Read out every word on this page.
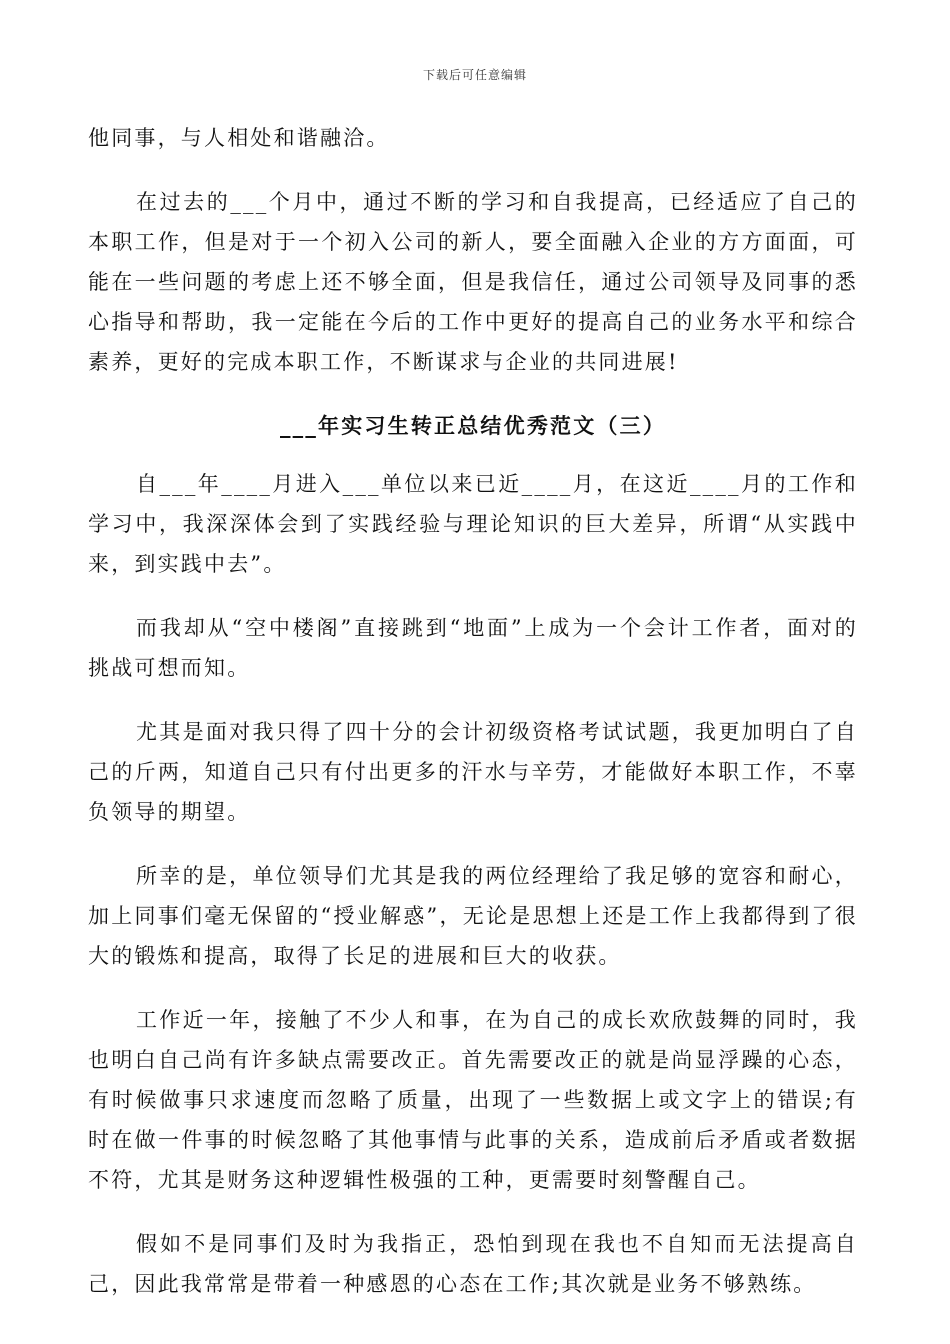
下载后可任意编辑

他同事，与人相处和谐融洽。

在过去的___个月中，通过不断的学习和自我提高，已经适应了自己的本职工作，但是对于一个初入公司的新人，要全面融入企业的方方面面，可能在一些问题的考虑上还不够全面，但是我信任，通过公司领导及同事的悉心指导和帮助，我一定能在今后的工作中更好的提高自己的业务水平和综合素养，更好的完成本职工作，不断谋求与企业的共同进展!

___年实习生转正总结优秀范文（三）

自___年____月进入___单位以来已近____月，在这近____月的工作和学习中，我深深体会到了实践经验与理论知识的巨大差异，所谓“从实践中来，到实践中去”。

而我却从“空中楼阁”直接跳到“地面”上成为一个会计工作者，面对的挑战可想而知。

尤其是面对我只得了四十分的会计初级资格考试试题，我更加明白了自己的斤两，知道自己只有付出更多的汗水与辛劳，才能做好本职工作，不辜负领导的期望。

所幸的是，单位领导们尤其是我的两位经理给了我足够的宽容和耐心，加上同事们毫无保留的“授业解惑”，无论是思想上还是工作上我都得到了很大的锻炼和提高，取得了长足的进展和巨大的收获。

工作近一年，接触了不少人和事，在为自己的成长欢欣鼓舞的同时，我也明白自己尚有许多缺点需要改正。首先需要改正的就是尚显浮躁的心态，有时候做事只求速度而忽略了质量，出现了一些数据上或文字上的错误;有时在做一件事的时候忽略了其他事情与此事的关系，造成前后矛盾或者数据不符，尤其是财务这种逻辑性极强的工种，更需要时刻警醒自己。

假如不是同事们及时为我指正，恐怕到现在我也不自知而无法提高自己，因此我常常是带着一种感恩的心态在工作;其次就是业务不够熟练。
